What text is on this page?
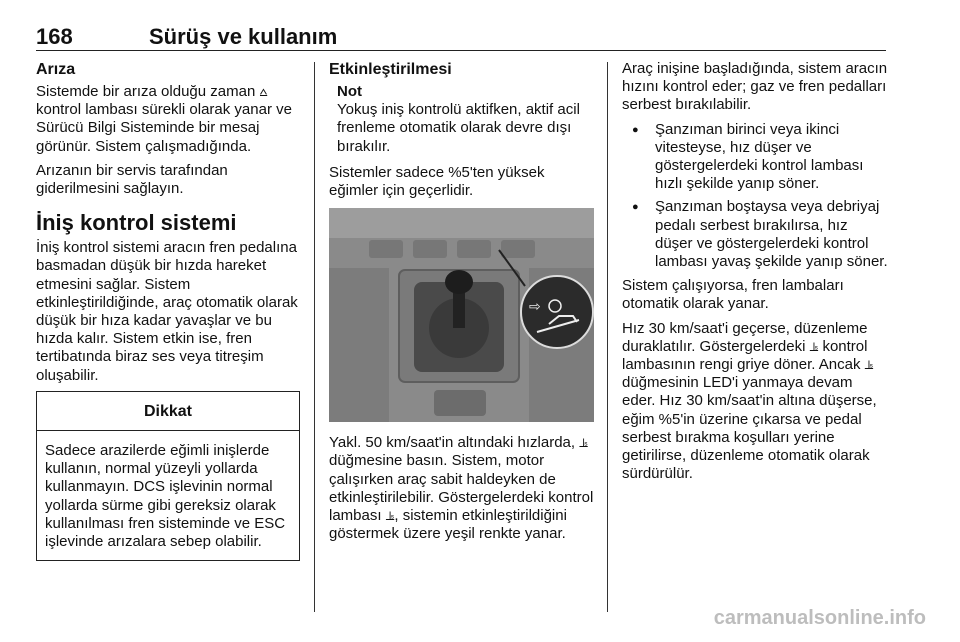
168	Sürüş ve kullanım
Arıza

Sistemde bir arıza olduğu zaman ⩟ kontrol lambası sürekli olarak yanar ve Sürücü Bilgi Sisteminde bir mesaj görünür. Sistem çalışmadığında.

Arızanın bir servis tarafından giderilmesini sağlayın.

İniş kontrol sistemi

İniş kontrol sistemi aracın fren pedalına basmadan düşük bir hızda hareket etmesini sağlar. Sistem etkinleştirildiğinde, araç otomatik olarak düşük bir hıza kadar yavaşlar ve bu hızda kalır. Sistem etkin ise, fren tertibatında biraz ses veya titreşim oluşabilir.

Dikkat
Sadece arazilerde eğimli inişlerde kullanın, normal yüzeyli yollarda kullanmayın. DCS işlevinin normal yollarda sürme gibi gereksiz olarak kullanılması fren sisteminde ve ESC işlevinde arızalara sebep olabilir.
Etkinleştirilmesi
Not
Yokuş iniş kontrolü aktifken, aktif acil frenleme otomatik olarak devre dışı bırakılır.

Sistemler sadece %5'ten yüksek eğimler için geçerlidir.

⇨

Yakl. 50 km/saat'in altındaki hızlarda, ⫡ düğmesine basın. Sistem, motor çalışırken araç sabit haldeyken de etkinleştirilebilir. Göstergelerdeki kontrol lambası ⫡, sistemin etkinleştirildiğini göstermek üzere yeşil renkte yanar.

Araç inişine başladığında, sistem aracın hızını kontrol eder; gaz ve fren pedalları serbest bırakılabilir.

● Şanzıman birinci veya ikinci vitesteyse, hız düşer ve göstergelerdeki kontrol lambası hızlı şekilde yanıp söner.
● Şanzıman boştaysa veya debriyaj pedalı serbest bırakılırsa, hız düşer ve göstergelerdeki kontrol lambası yavaş şekilde yanıp söner.

Sistem çalışıyorsa, fren lambaları otomatik olarak yanar.

Hız 30 km/saat'i geçerse, düzenleme duraklatılır. Göstergelerdeki ⫡ kontrol lambasının rengi griye döner. Ancak ⫡ düğmesinin LED'i yanmaya devam eder. Hız 30 km/saat'in altına düşerse, eğim %5'in üzerine çıkarsa ve pedal serbest bırakma koşulları yerine getirilirse, düzenleme otomatik olarak sürdürülür.

carmanualsonline.info
